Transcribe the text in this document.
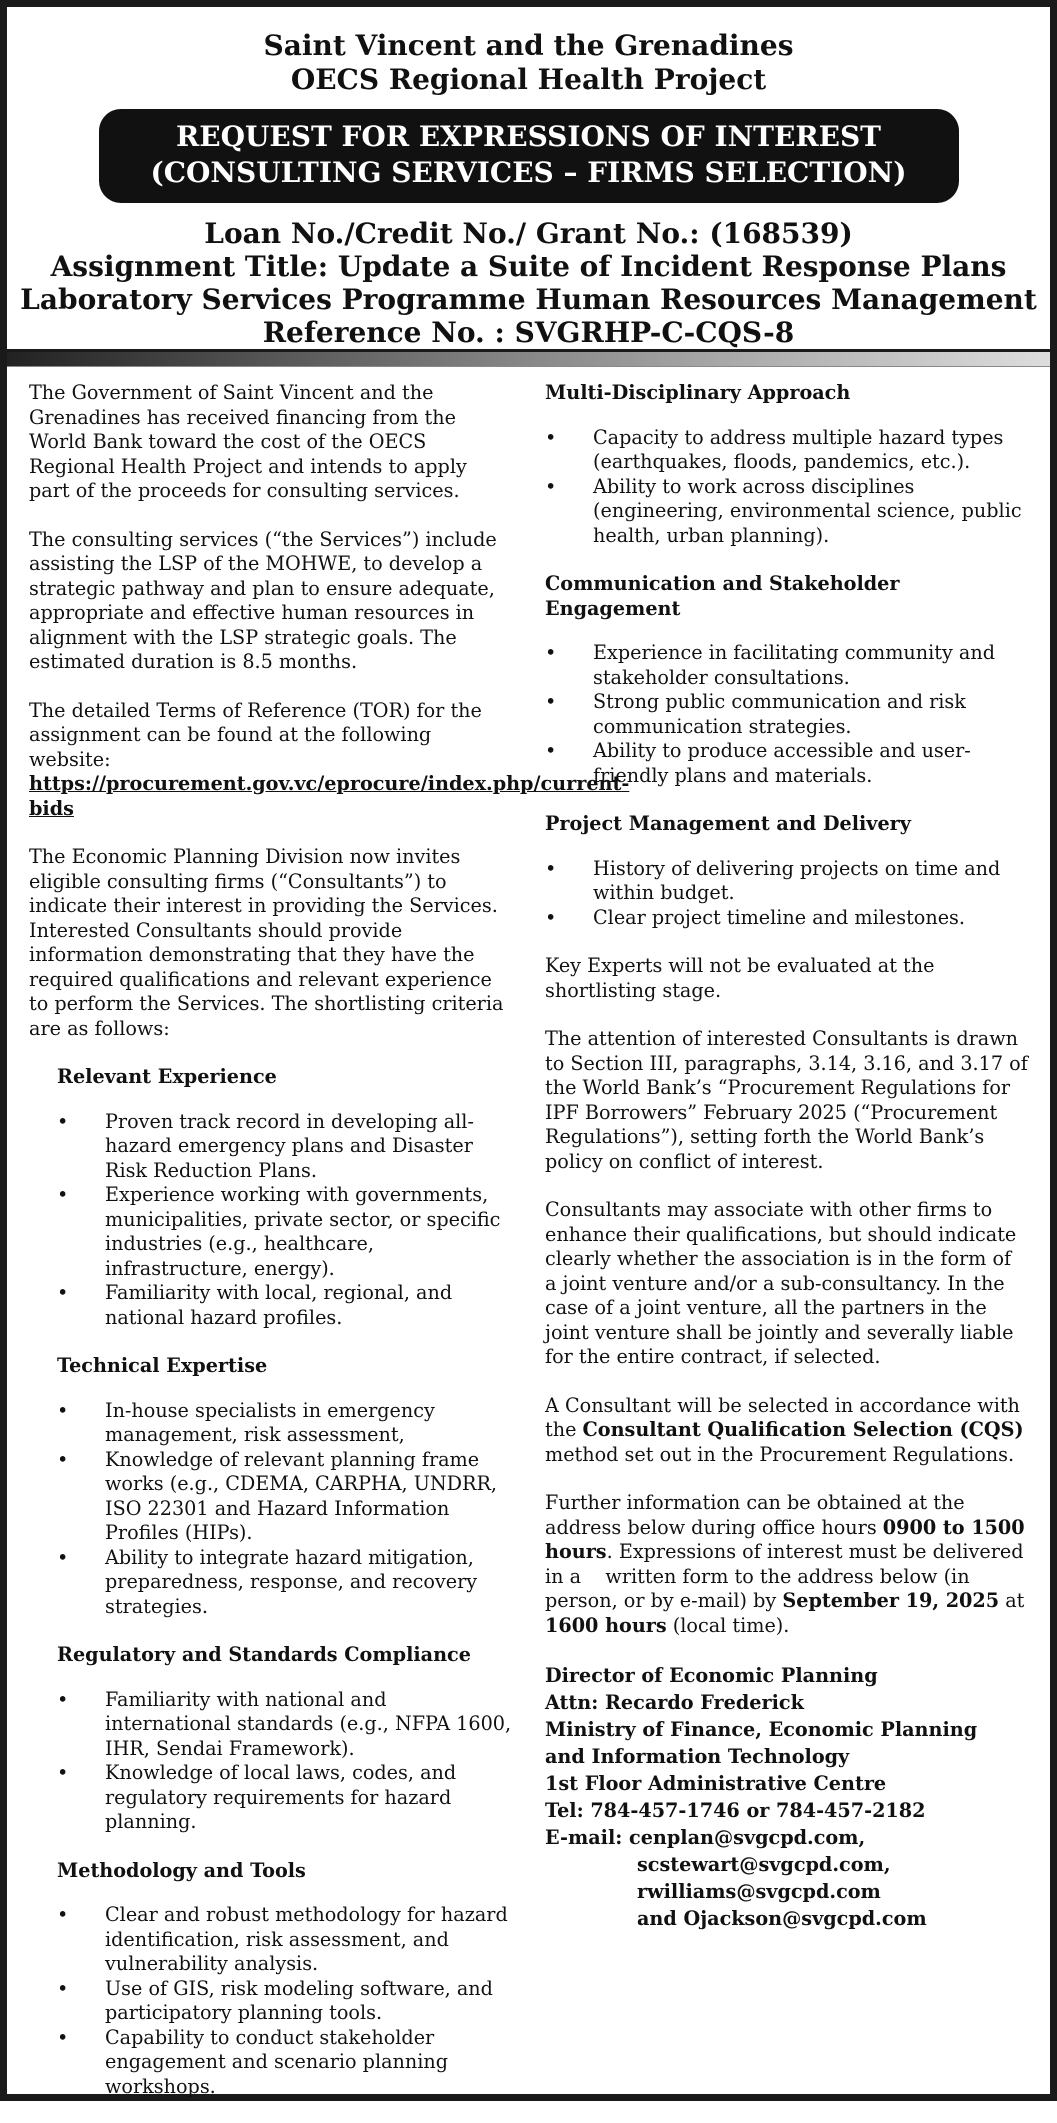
Saint Vincent and the Grenadines
OECS Regional Health Project
REQUEST FOR EXPRESSIONS OF INTEREST
(CONSULTING SERVICES – FIRMS SELECTION)
Loan No./Credit No./ Grant No.: (168539)
Assignment Title: Update a Suite of Incident Response Plans
Laboratory Services Programme Human Resources Management
Reference No. : SVGRHP-C-CQS-8

The Government of Saint Vincent and the Grenadines has received financing from the World Bank toward the cost of the OECS Regional Health Project and intends to apply part of the proceeds for consulting services.

The consulting services (“the Services”) include assisting the LSP of the MOHWE, to develop a strategic pathway and plan to ensure adequate, appropriate and effective human resources in alignment with the LSP strategic goals. The estimated duration is 8.5 months.

The detailed Terms of Reference (TOR) for the assignment can be found at the following website: https://procurement.gov.vc/eprocure/index.php/current-bids

The Economic Planning Division now invites eligible consulting firms (“Consultants”) to indicate their interest in providing the Services. Interested Consultants should provide information demonstrating that they have the required qualifications and relevant experience to perform the Services. The shortlisting criteria are as follows:

Relevant Experience
• Proven track record in developing all-hazard emergency plans and Disaster Risk Reduction Plans.
• Experience working with governments, municipalities, private sector, or specific industries (e.g., healthcare, infrastructure, energy).
• Familiarity with local, regional, and national hazard profiles.
Technical Expertise
• In-house specialists in emergency management, risk assessment,
• Knowledge of relevant planning frame works (e.g., CDEMA, CARPHA, UNDRR, ISO 22301 and Hazard Information Profiles (HIPs).
• Ability to integrate hazard mitigation, preparedness, response, and recovery strategies.
Regulatory and Standards Compliance
• Familiarity with national and international standards (e.g., NFPA 1600, IHR, Sendai Framework).
• Knowledge of local laws, codes, and regulatory requirements for hazard planning.
Methodology and Tools
• Clear and robust methodology for hazard identification, risk assessment, and vulnerability analysis.
• Use of GIS, risk modeling software, and participatory planning tools.
• Capability to conduct stakeholder engagement and scenario planning workshops.
Multi-Disciplinary Approach
• Capacity to address multiple hazard types (earthquakes, floods, pandemics, etc.).
• Ability to work across disciplines (engineering, environmental science, public health, urban planning).
Communication and Stakeholder Engagement
• Experience in facilitating community and stakeholder consultations.
• Strong public communication and risk communication strategies.
• Ability to produce accessible and user-friendly plans and materials.
Project Management and Delivery
• History of delivering projects on time and within budget.
• Clear project timeline and milestones.

Key Experts will not be evaluated at the shortlisting stage.

The attention of interested Consultants is drawn to Section III, paragraphs, 3.14, 3.16, and 3.17 of the World Bank’s “Procurement Regulations for IPF Borrowers” February 2025 (“Procurement Regulations”), setting forth the World Bank’s policy on conflict of interest.

Consultants may associate with other firms to enhance their qualifications, but should indicate clearly whether the association is in the form of a joint venture and/or a sub-consultancy. In the case of a joint venture, all the partners in the joint venture shall be jointly and severally liable for the entire contract, if selected.

A Consultant will be selected in accordance with the Consultant Qualification Selection (CQS) method set out in the Procurement Regulations.

Further information can be obtained at the address below during office hours 0900 to 1500 hours. Expressions of interest must be delivered in a    written form to the address below (in person, or by e-mail) by September 19, 2025 at 1600 hours (local time).

Director of Economic Planning
Attn: Recardo Frederick
Ministry of Finance, Economic Planning
and Information Technology
1st Floor Administrative Centre
Tel: 784-457-1746 or 784-457-2182
E-mail: cenplan@svgcpd.com,
scstewart@svgcpd.com,
rwilliams@svgcpd.com
and Ojackson@svgcpd.com
